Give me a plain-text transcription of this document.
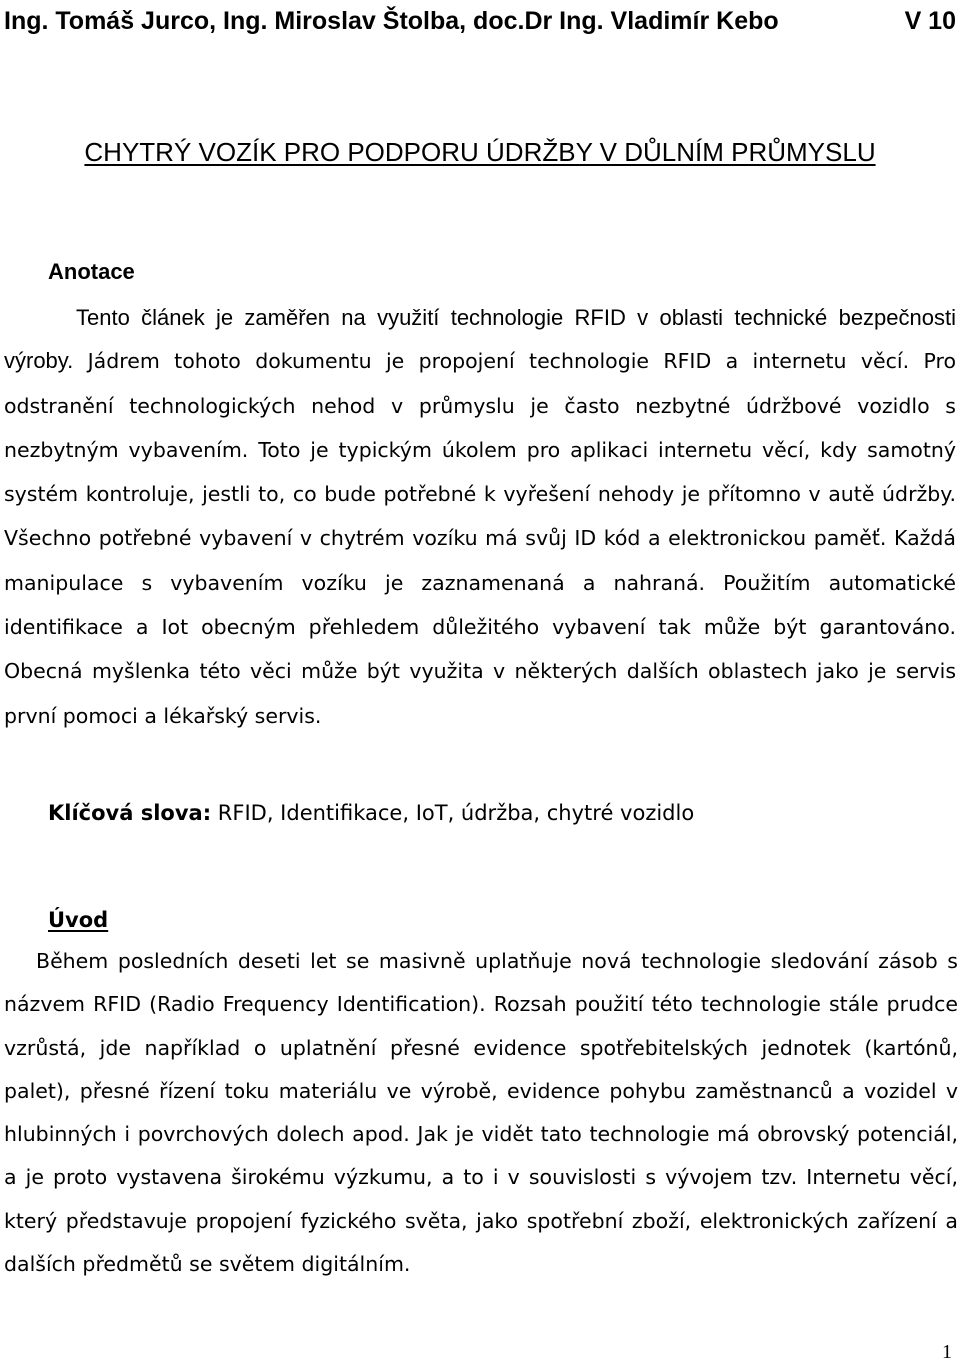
Ing. Tomáš Jurco, Ing. Miroslav Štolba, doc.Dr Ing. Vladimír Kebo	V 10
CHYTRÝ VOZÍK PRO PODPORU ÚDRŽBY V DŮLNÍM PRŮMYSLU
Anotace

Tento článek je zaměřen na využití technologie RFID v oblasti technické bezpečnosti výroby. Jádrem tohoto dokumentu je propojení technologie RFID a internetu věcí. Pro odstranění technologických nehod v průmyslu je často nezbytné údržbové vozidlo s nezbytným vybavením. Toto je typickým úkolem pro aplikaci internetu věcí, kdy samotný systém kontroluje, jestli to, co bude potřebné k vyřešení nehody je přítomno v autě údržby. Všechno potřebné vybavení v chytrém vozíku má svůj ID kód a elektronickou paměť. Každá manipulace s vybavením vozíku je zaznamenaná a nahraná. Použitím automatické identifikace a Iot obecným přehledem důležitého vybavení tak může být garantováno. Obecná myšlenka této věci může být využita v některých dalších oblastech jako je servis první pomoci a lékařský servis.

Klíčová slova: RFID, Identifikace, IoT, údržba, chytré vozidlo
Úvod

Během posledních deseti let se masivně uplatňuje nová technologie sledování zásob s názvem RFID (Radio Frequency Identification). Rozsah použití této technologie stále prudce vzrůstá, jde například o uplatnění přesné evidence spotřebitelských jednotek (kartónů, palet), přesné řízení toku materiálu ve výrobě, evidence pohybu zaměstnanců a vozidel v hlubinných i povrchových dolech apod. Jak je vidět tato technologie má obrovský potenciál, a je proto vystavena širokému výzkumu, a to i v souvislosti s vývojem tzv. Internetu věcí, který představuje propojení fyzického světa, jako spotřební zboží, elektronických zařízení a dalších předmětů se světem digitálním.

1
